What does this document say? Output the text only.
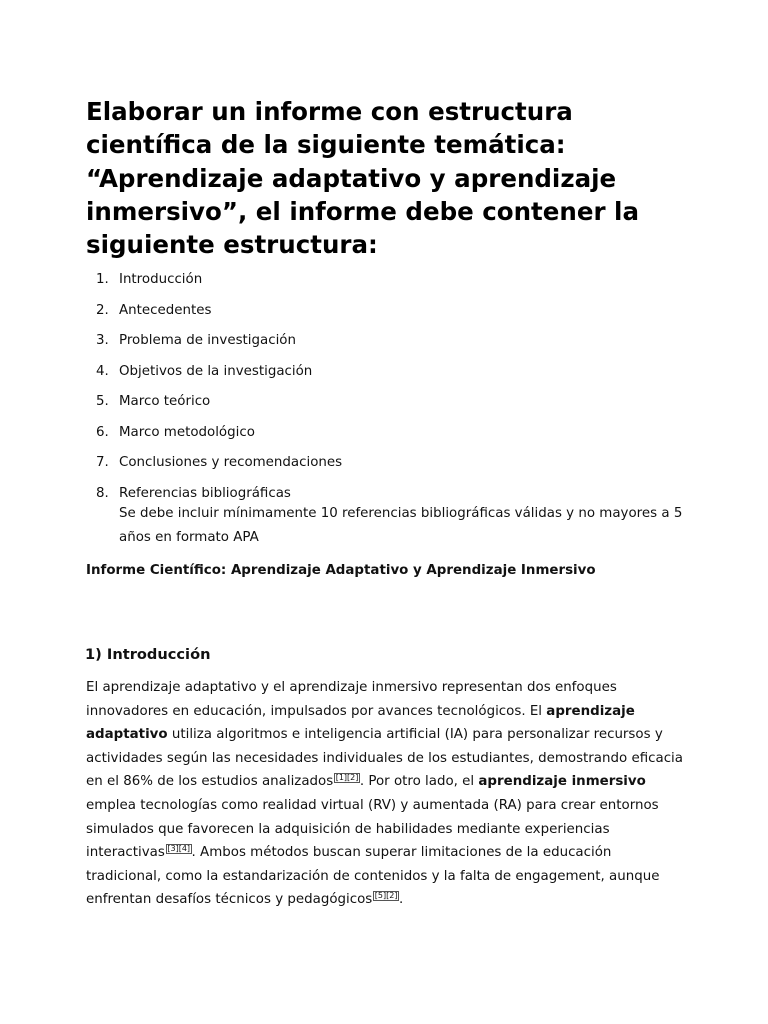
Elaborar un informe con estructura científica de la siguiente temática: “Aprendizaje adaptativo y aprendizaje inmersivo”, el informe debe contener la siguiente estructura:
1. Introducción
2. Antecedentes
3. Problema de investigación
4. Objetivos de la investigación
5. Marco teórico
6. Marco metodológico
7. Conclusiones y recomendaciones
8. Referencias bibliográficas
Se debe incluir mínimamente 10 referencias bibliográficas válidas y no mayores a 5 años en formato APA
Informe Científico: Aprendizaje Adaptativo y Aprendizaje Inmersivo
1) Introducción

El aprendizaje adaptativo y el aprendizaje inmersivo representan dos enfoques innovadores en educación, impulsados por avances tecnológicos. El aprendizaje adaptativo utiliza algoritmos e inteligencia artificial (IA) para personalizar recursos y actividades según las necesidades individuales de los estudiantes, demostrando eficacia en el 86% de los estudios analizados [1][2] . Por otro lado, el aprendizaje inmersivo emplea tecnologías como realidad virtual (RV) y aumentada (RA) para crear entornos simulados que favorecen la adquisición de habilidades mediante experiencias interactivas [3][4] . Ambos métodos buscan superar limitaciones de la educación tradicional, como la estandarización de contenidos y la falta de engagement, aunque enfrentan desafíos técnicos y pedagógicos [5][2] .
